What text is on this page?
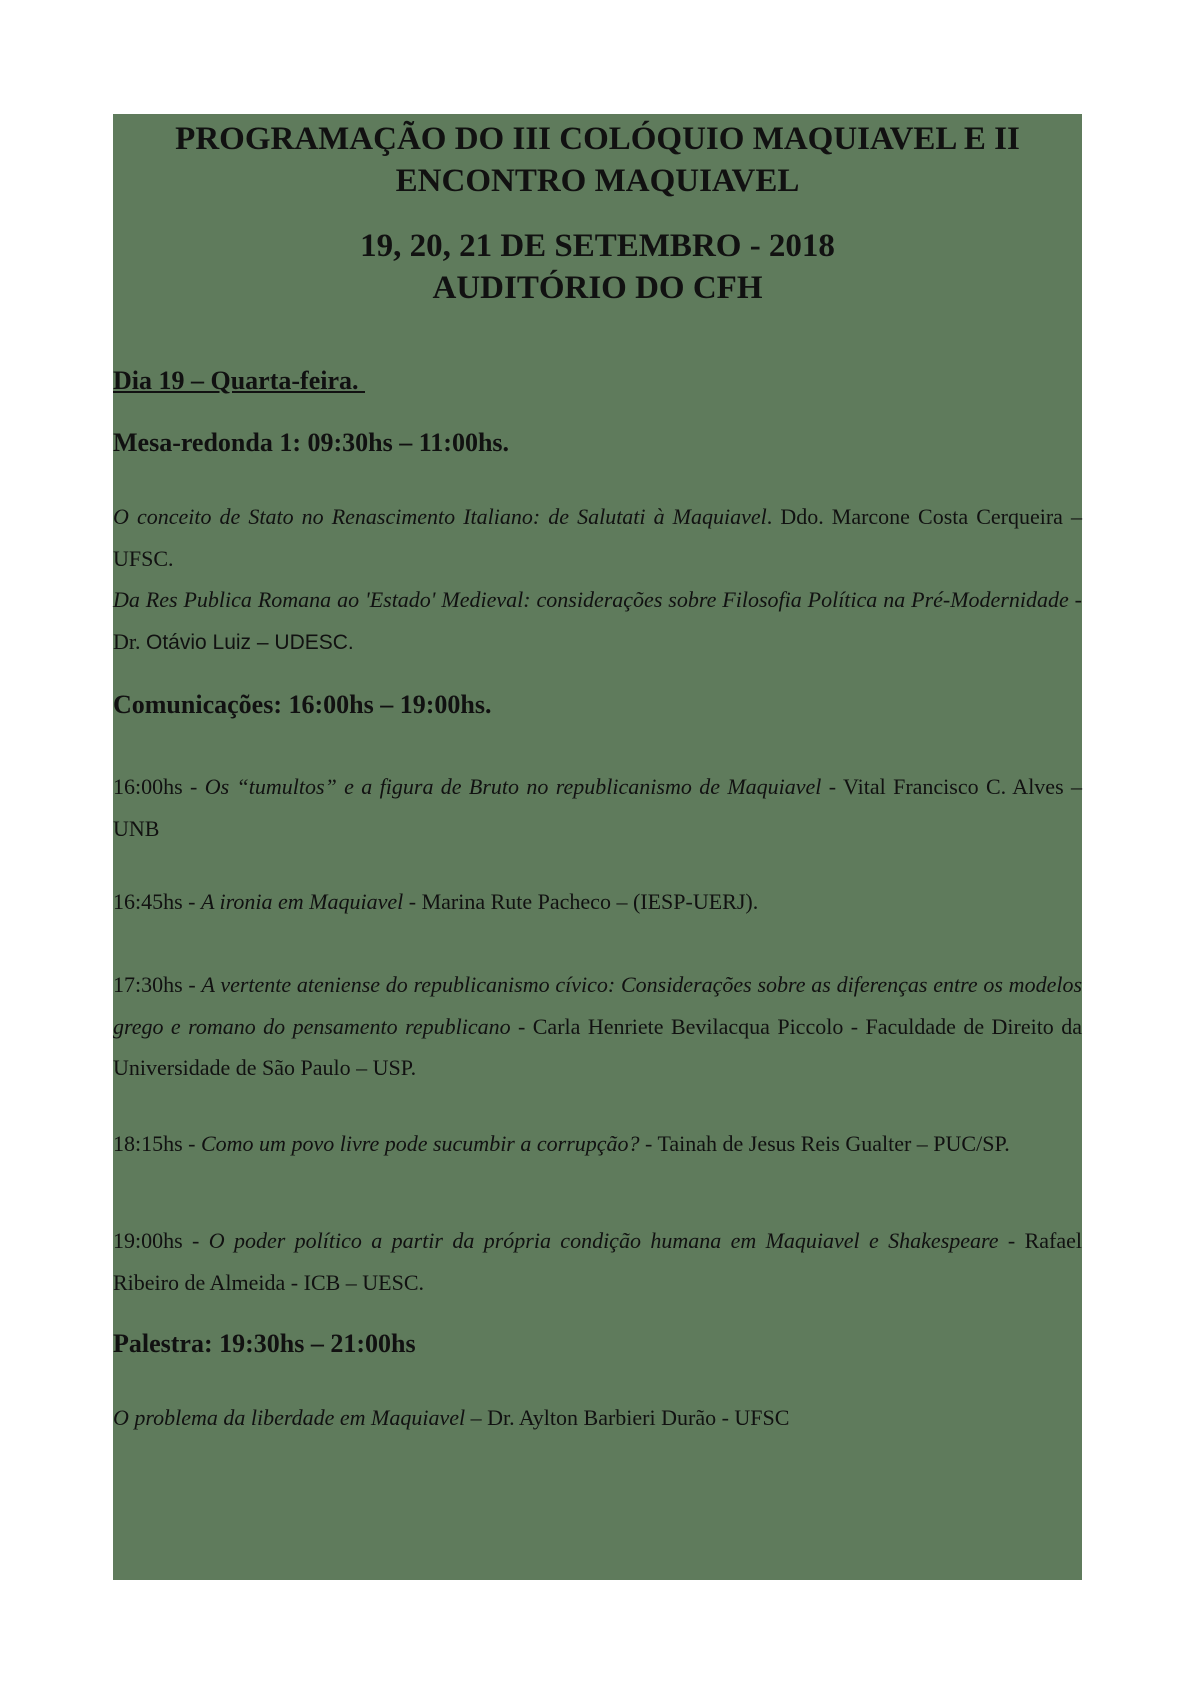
PROGRAMAÇÃO DO III COLÓQUIO MAQUIAVEL E II
ENCONTRO MAQUIAVEL

19, 20, 21 DE SETEMBRO - 2018
AUDITÓRIO DO CFH

Dia 19 – Quarta-feira.

Mesa-redonda 1: 09:30hs – 11:00hs.

O conceito de Stato no Renascimento Italiano: de Salutati à Maquiavel. Ddo. Marcone Costa Cerqueira – UFSC.

Da Res Publica Romana ao 'Estado' Medieval: considerações sobre Filosofia Política na Pré-Modernidade - Dr. Otávio Luiz – UDESC.

Comunicações: 16:00hs – 19:00hs.

16:00hs - Os “tumultos” e a figura de Bruto no republicanismo de Maquiavel - Vital Francisco C. Alves – UNB

16:45hs - A ironia em Maquiavel - Marina Rute Pacheco – (IESP-UERJ).

17:30hs - A vertente ateniense do republicanismo cívico: Considerações sobre as diferenças entre os modelos grego e romano do pensamento republicano - Carla Henriete Bevilacqua Piccolo - Faculdade de Direito da Universidade de São Paulo – USP.

18:15hs - Como um povo livre pode sucumbir a corrupção? - Tainah de Jesus Reis Gualter – PUC/SP.

19:00hs - O poder político a partir da própria condição humana em Maquiavel e Shakespeare - Rafael Ribeiro de Almeida - ICB – UESC.

Palestra: 19:30hs – 21:00hs

O problema da liberdade em Maquiavel – Dr. Aylton Barbieri Durão - UFSC
